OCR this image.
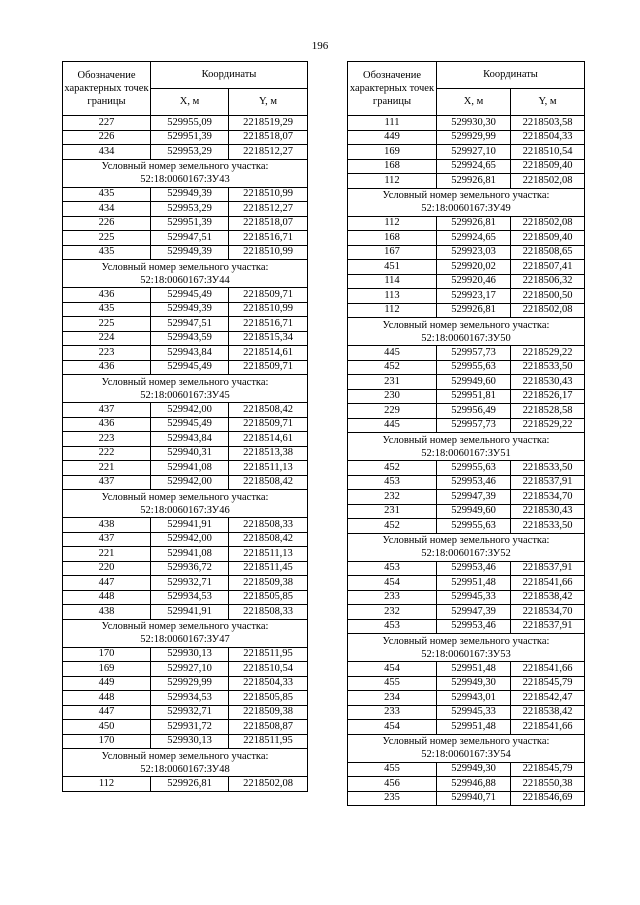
196
Обозначение характерных точек границы	Координаты	
	X, м	Y, м
227	529955,09	2218519,29
226	529951,39	2218518,07
434	529953,29	2218512,27

Условный номер земельного участка:
52:18:0060167:ЗУ43		

435	529949,39	2218510,99
434	529953,29	2218512,27
226	529951,39	2218518,07
225	529947,51	2218516,71
435	529949,39	2218510,99

Условный номер земельного участка:
52:18:0060167:ЗУ44		

436	529945,49	2218509,71
435	529949,39	2218510,99
225	529947,51	2218516,71
224	529943,59	2218515,34
223	529943,84	2218514,61
436	529945,49	2218509,71

Условный номер земельного участка:
52:18:0060167:ЗУ45		

437	529942,00	2218508,42
436	529945,49	2218509,71
223	529943,84	2218514,61
222	529940,31	2218513,38
221	529941,08	2218511,13
437	529942,00	2218508,42

Условный номер земельного участка:
52:18:0060167:ЗУ46		

438	529941,91	2218508,33
437	529942,00	2218508,42
221	529941,08	2218511,13
220	529936,72	2218511,45
447	529932,71	2218509,38
448	529934,53	2218505,85
438	529941,91	2218508,33

Условный номер земельного участка:
52:18:0060167:ЗУ47		

170	529930,13	2218511,95
169	529927,10	2218510,54
449	529929,99	2218504,33
448	529934,53	2218505,85
447	529932,71	2218509,38
450	529931,72	2218508,87
170	529930,13	2218511,95

Условный номер земельного участка:
52:18:0060167:ЗУ48		

112	529926,81	2218502,08
Обозначение характерных точек границы	Координаты	
	X, м	Y, м
111	529930,30	2218503,58
449	529929,99	2218504,33
169	529927,10	2218510,54
168	529924,65	2218509,40
112	529926,81	2218502,08

Условный номер земельного участка:
52:18:0060167:ЗУ49		

112	529926,81	2218502,08
168	529924,65	2218509,40
167	529923,03	2218508,65
451	529920,02	2218507,41
114	529920,46	2218506,32
113	529923,17	2218500,50
112	529926,81	2218502,08

Условный номер земельного участка:
52:18:0060167:ЗУ50		

445	529957,73	2218529,22
452	529955,63	2218533,50
231	529949,60	2218530,43
230	529951,81	2218526,17
229	529956,49	2218528,58
445	529957,73	2218529,22

Условный номер земельного участка:
52:18:0060167:ЗУ51		

452	529955,63	2218533,50
453	529953,46	2218537,91
232	529947,39	2218534,70
231	529949,60	2218530,43
452	529955,63	2218533,50

Условный номер земельного участка:
52:18:0060167:ЗУ52		

453	529953,46	2218537,91
454	529951,48	2218541,66
233	529945,33	2218538,42
232	529947,39	2218534,70
453	529953,46	2218537,91

Условный номер земельного участка:
52:18:0060167:ЗУ53		

454	529951,48	2218541,66
455	529949,30	2218545,79
234	529943,01	2218542,47
233	529945,33	2218538,42
454	529951,48	2218541,66

Условный номер земельного участка:
52:18:0060167:ЗУ54		

455	529949,30	2218545,79
456	529946,88	2218550,38
235	529940,71	2218546,69
